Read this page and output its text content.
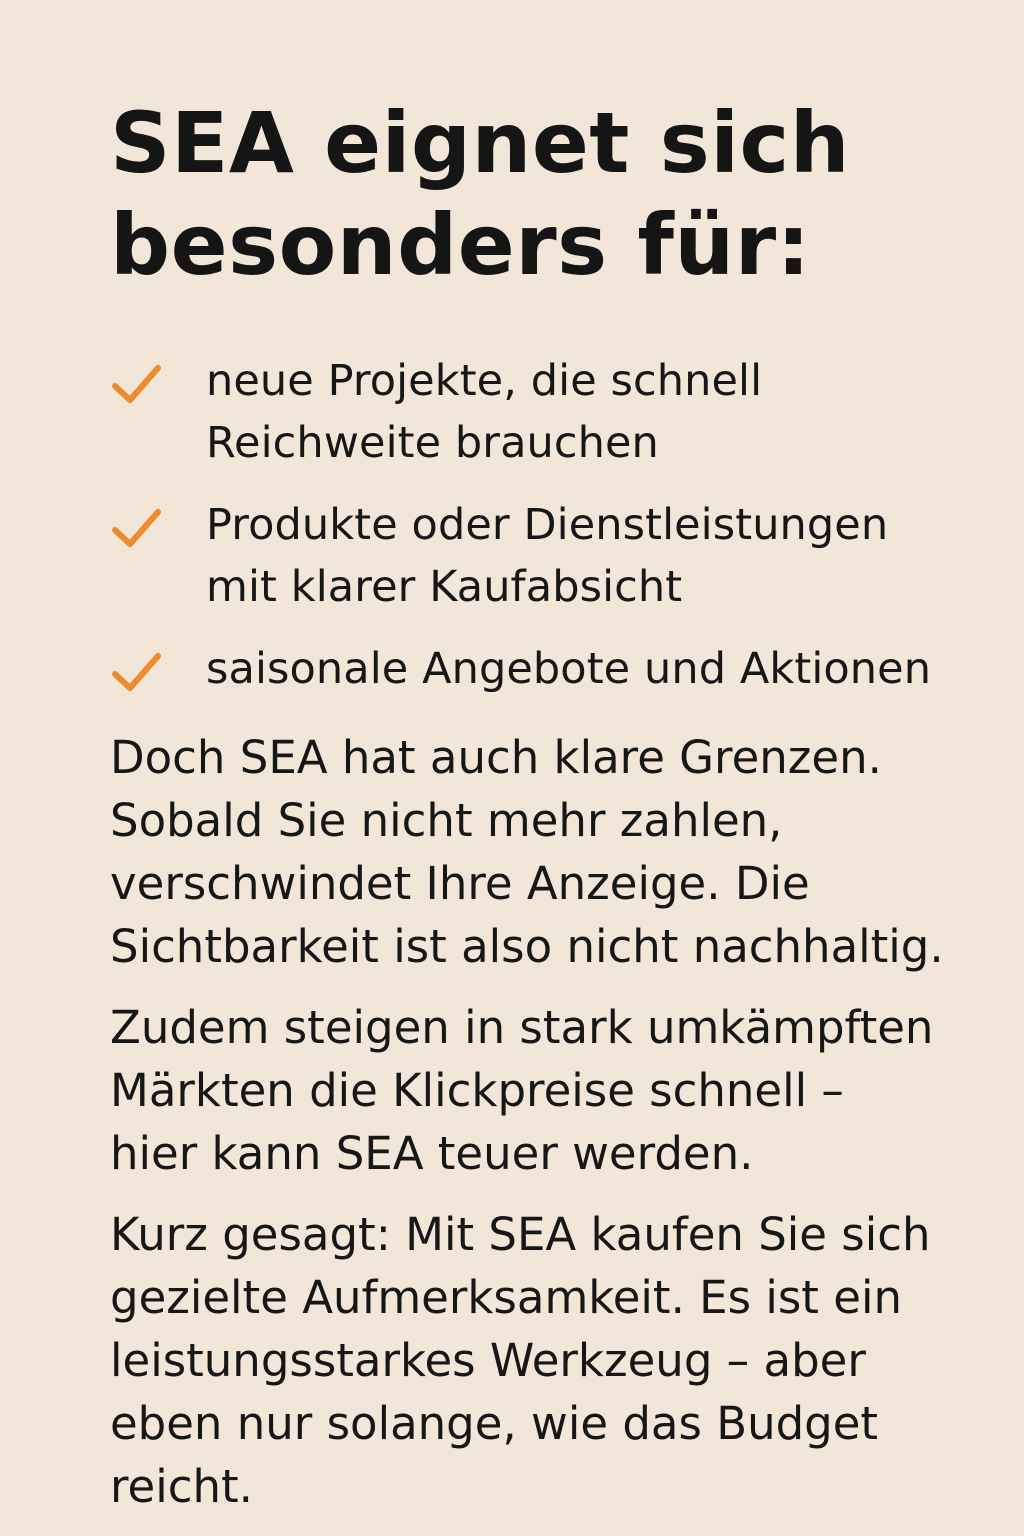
SEA eignet sich besonders für:
neue Projekte, die schnell
Reichweite brauchen
Produkte oder Dienstleistungen
mit klarer Kaufabsicht
saisonale Angebote und Aktionen

Doch SEA hat auch klare Grenzen.
Sobald Sie nicht mehr zahlen,
verschwindet Ihre Anzeige. Die
Sichtbarkeit ist also nicht nachhaltig.

Zudem steigen in stark umkämpften
Märkten die Klickpreise schnell –
hier kann SEA teuer werden.

Kurz gesagt: Mit SEA kaufen Sie sich
gezielte Aufmerksamkeit. Es ist ein
leistungsstarkes Werkzeug – aber
eben nur solange, wie das Budget reicht.
